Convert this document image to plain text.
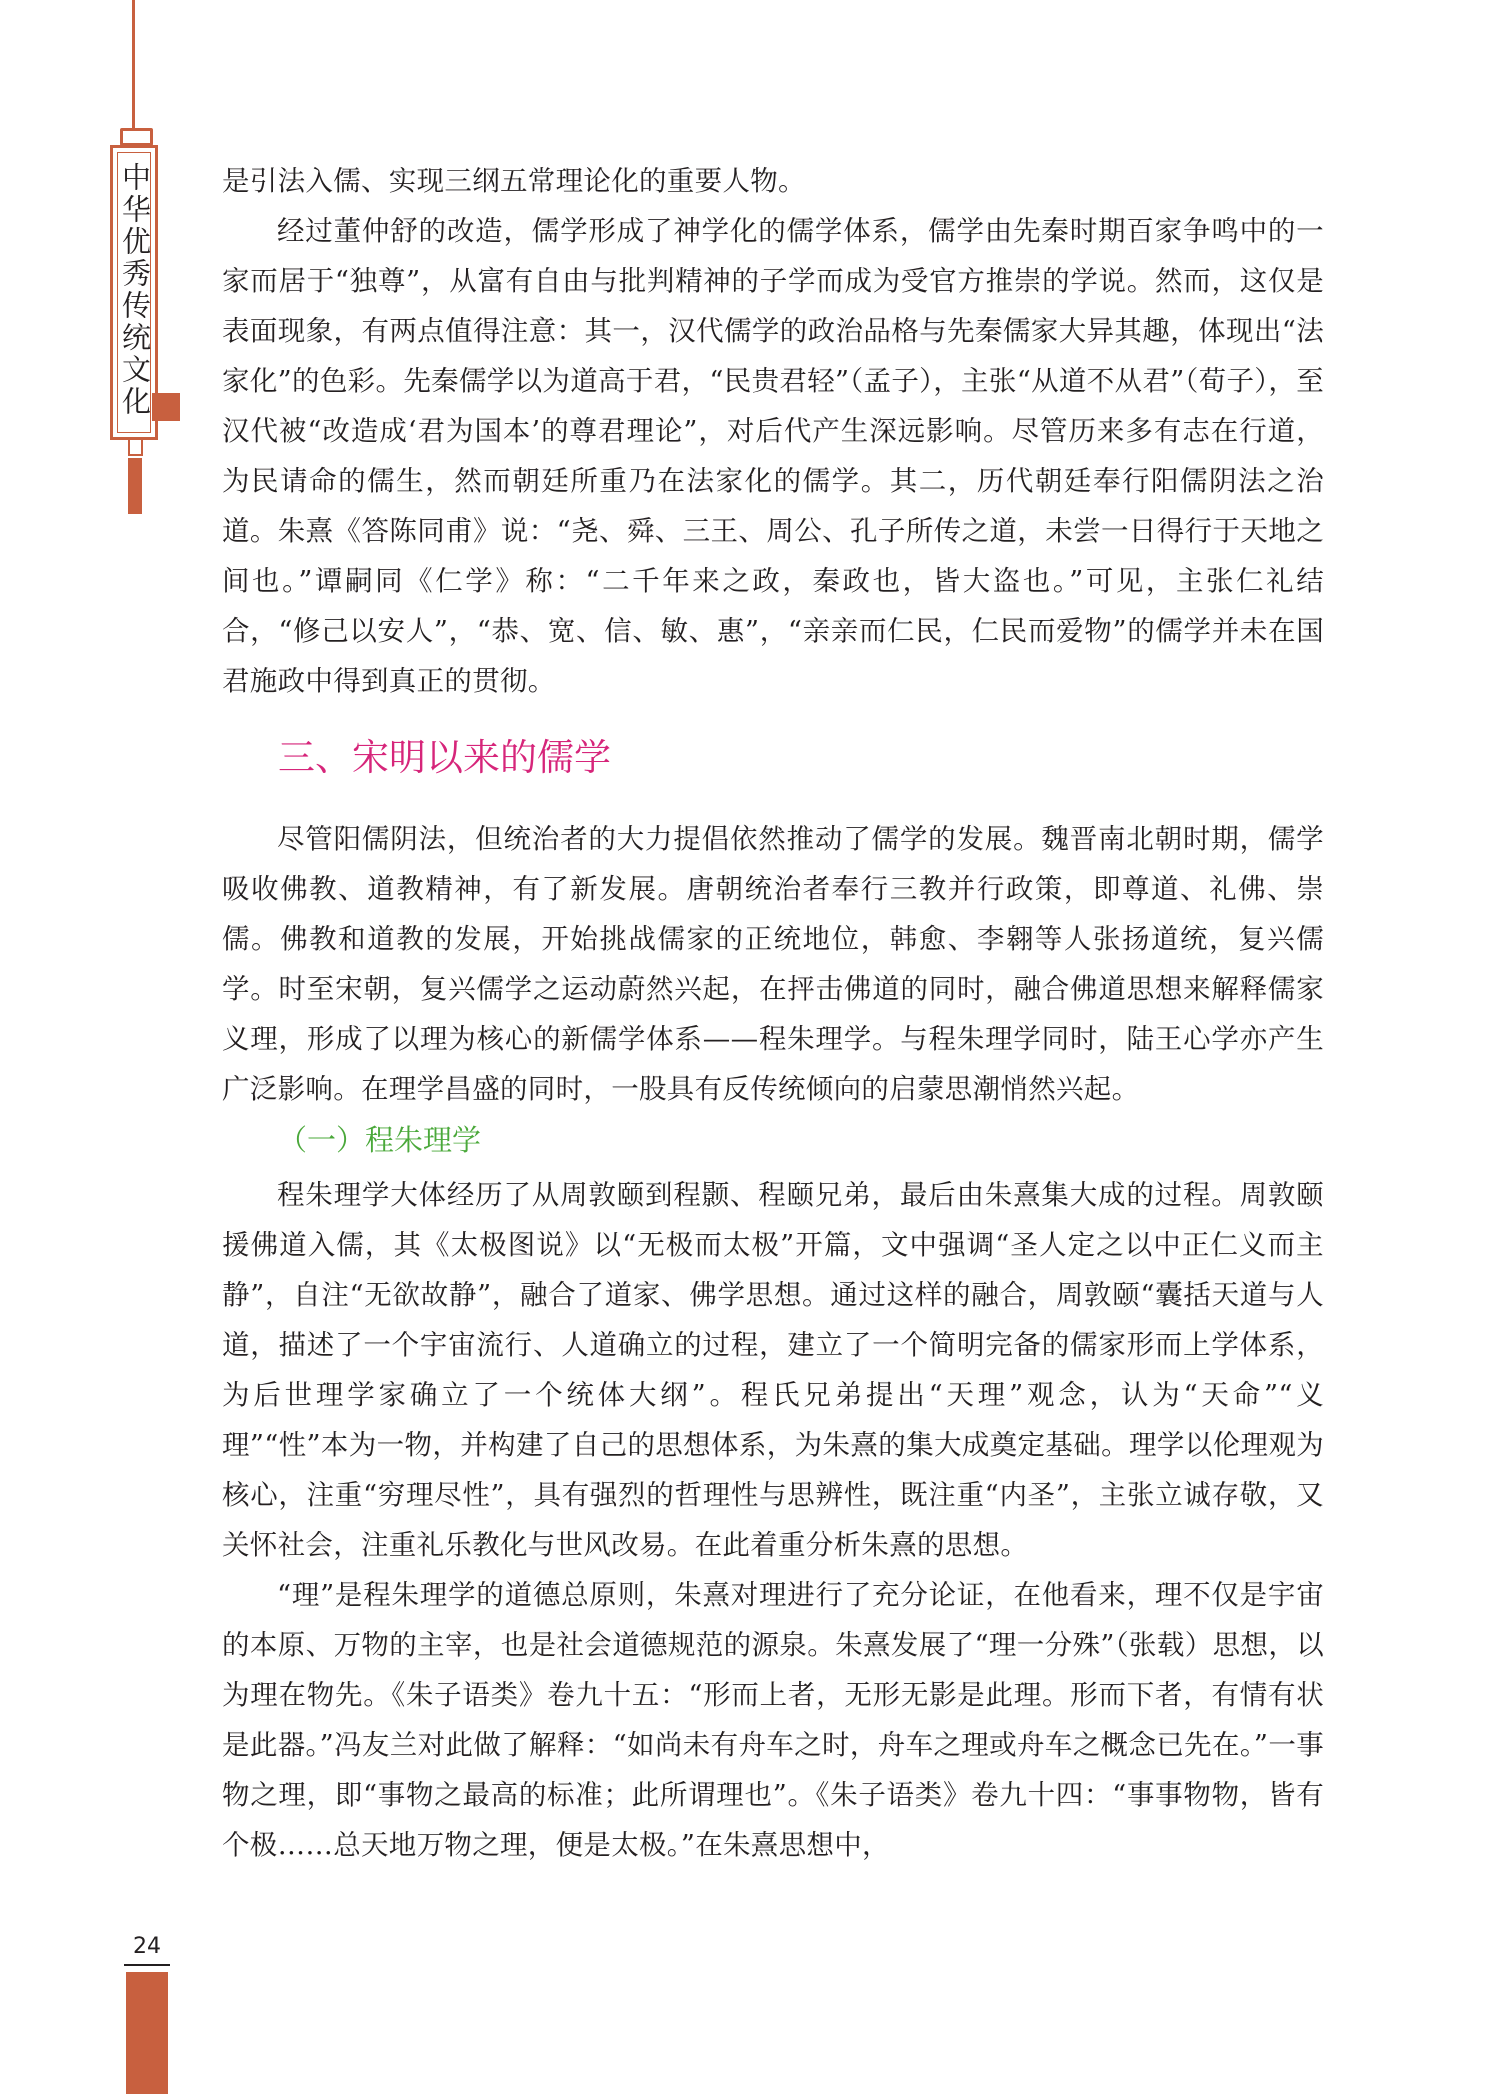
中华优秀传统文化	是引法入儒、实现三纲五常理论化的重要人物。

经过董仲舒的改造，儒学形成了神学化的儒学体系，儒学由先秦时期百家争鸣中的一家而居于“独尊”，从富有自由与批判精神的子学而成为受官方推崇的学说。然而，这仅是表面现象，有两点值得注意：其一，汉代儒学的政治品格与先秦儒家大异其趣，体现出“法家化”的色彩。先秦儒学以为道高于君，“民贵君轻”（孟子），主张“从道不从君”（荀子），至汉代被“改造成‘君为国本’的尊君理论”，对后代产生深远影响。尽管历来多有志在行道，为民请命的儒生，然而朝廷所重乃在法家化的儒学。其二，历代朝廷奉行阳儒阴法之治道。朱熹《答陈同甫》说：“尧、舜、三王、周公、孔子所传之道，未尝一日得行于天地之间也。”谭嗣同《仁学》称：“二千年来之政，秦政也，皆大盗也。”可见，主张仁礼结合，“修己以安人”，“恭、宽、信、敏、惠”，“亲亲而仁民，仁民而爱物”的儒学并未在国君施政中得到真正的贯彻。

三、宋明以来的儒学

尽管阳儒阴法，但统治者的大力提倡依然推动了儒学的发展。魏晋南北朝时期，儒学吸收佛教、道教精神，有了新发展。唐朝统治者奉行三教并行政策，即尊道、礼佛、崇儒。佛教和道教的发展，开始挑战儒家的正统地位，韩愈、李翱等人张扬道统，复兴儒学。时至宋朝，复兴儒学之运动蔚然兴起，在抨击佛道的同时，融合佛道思想来解释儒家义理，形成了以理为核心的新儒学体系——程朱理学。与程朱理学同时，陆王心学亦产生广泛影响。在理学昌盛的同时，一股具有反传统倾向的启蒙思潮悄然兴起。

（一）程朱理学

程朱理学大体经历了从周敦颐到程颢、程颐兄弟，最后由朱熹集大成的过程。周敦颐援佛道入儒，其《太极图说》以“无极而太极”开篇，文中强调“圣人定之以中正仁义而主静”，自注“无欲故静”，融合了道家、佛学思想。通过这样的融合，周敦颐“囊括天道与人道，描述了一个宇宙流行、人道确立的过程，建立了一个简明完备的儒家形而上学体系，为后世理学家确立了一个统体大纲”。程氏兄弟提出“天理”观念，认为“天命”“义理”“性”本为一物，并构建了自己的思想体系，为朱熹的集大成奠定基础。理学以伦理观为核心，注重“穷理尽性”，具有强烈的哲理性与思辨性，既注重“内圣”，主张立诚存敬，又关怀社会，注重礼乐教化与世风改易。在此着重分析朱熹的思想。

“理”是程朱理学的道德总原则，朱熹对理进行了充分论证，在他看来，理不仅是宇宙的本原、万物的主宰，也是社会道德规范的源泉。朱熹发展了“理一分殊”（张载）思想，以为理在物先。《朱子语类》卷九十五：“形而上者，无形无影是此理。形而下者，有情有状是此器。”冯友兰对此做了解释：“如尚未有舟车之时，舟车之理或舟车之概念已先在。”一事物之理，即“事物之最高的标准；此所谓理也”。《朱子语类》卷九十四：“事事物物，皆有个极……总天地万物之理，便是太极。”在朱熹思想中，

24
